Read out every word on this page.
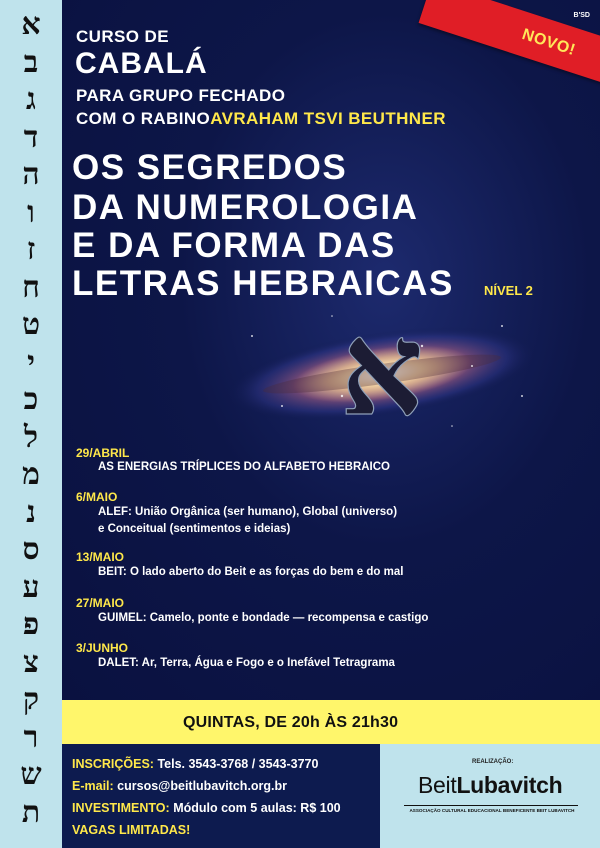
א
ב
ג
ד
ה
ו
ז
ח
ט
י
כ
ל
מ
נ
ס
ע
פ
צ
ק
ר
ש
ת
B'SD
NOVO!
CURSO DE
CABALÁ
PARA GRUPO FECHADO
COM O RABINOAVRAHAM TSVI BEUTHNER
OS SEGREDOS
DA NUMEROLOGIA
E DA FORMA DAS
LETRAS HEBRAICAS NÍVEL 2
א
29/ABRIL
AS ENERGIAS TRÍPLICES DO ALFABETO HEBRAICO
6/MAIO
ALEF: União Orgânica (ser humano), Global (universo)
e Conceitual (sentimentos e ideias)
13/MAIO
BEIT: O lado aberto do Beit e as forças do bem e do mal
27/MAIO
GUIMEL: Camelo, ponte e bondade — recompensa e castigo
3/JUNHO
DALET: Ar, Terra, Água e Fogo e o Inefável Tetragrama
QUINTAS, DE 20h ÀS 21h30
INSCRIÇÕES: Tels. 3543-3768 / 3543-3770
E-mail: cursos@beitlubavitch.org.br
INVESTIMENTO: Módulo com 5 aulas: R$ 100
VAGAS LIMITADAS!
REALIZAÇÃO:
BeitLubavitch
ASSOCIAÇÃO CULTURAL EDUCACIONAL BENEFICENTE BEIT LUBAVITCH
